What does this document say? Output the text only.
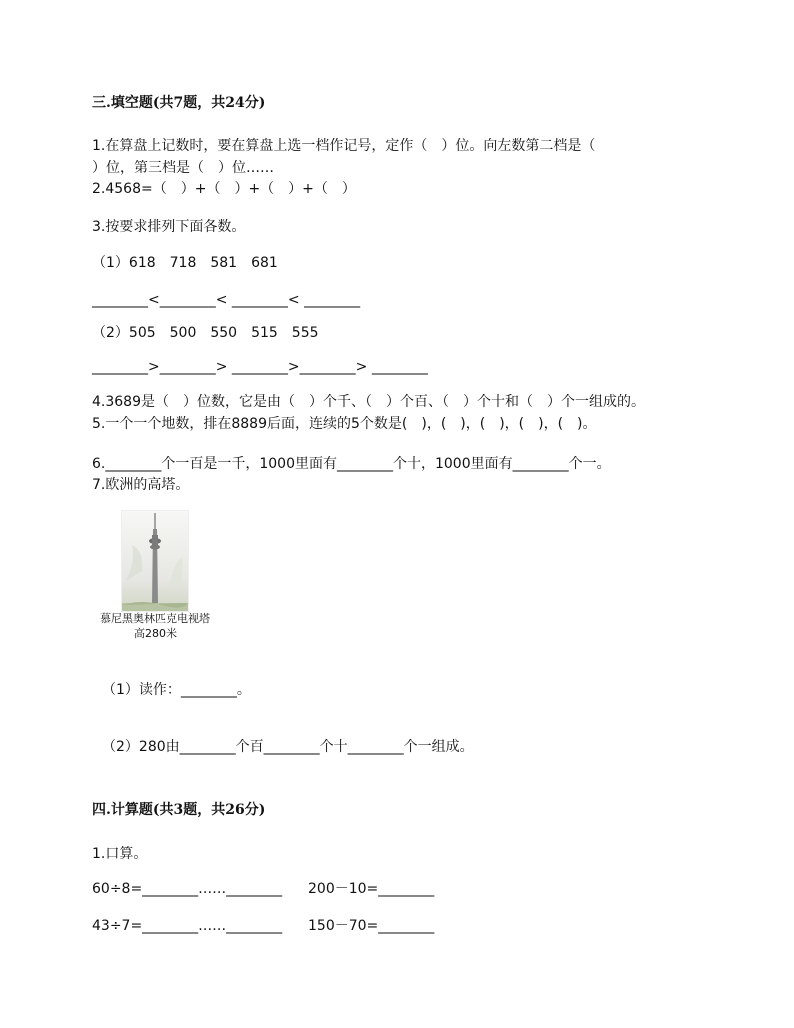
三.填空题(共7题，共24分)
1.在算盘上记数时，要在算盘上选一档作记号，定作（　）位。向左数第二档是（
）位，第三档是（　）位……
2.4568=（　）+（　）+（　）+（　）
3.按要求排列下面各数。
（1）618　718　581　681
________<________< ________< ________
（2）505　500　550　515　555
________>________> ________>________> ________
4.3689是（　）位数，它是由（　）个千、（　）个百、（　）个十和（　）个一组成的。
5.一个一个地数，排在8889后面，连续的5个数是(　)，(　)，(　)，(　)，(　)。
6.________个一百是一千，1000里面有________个十，1000里面有________个一。
7.欧洲的高塔。
慕尼黑奥林匹克电视塔
高280米
（1）读作：________。
（2）280由________个百________个十________个一组成。
四.计算题(共3题，共26分)
1.口算。
60÷8=________……________ 200－10=________
43÷7=________……________ 150－70=________
